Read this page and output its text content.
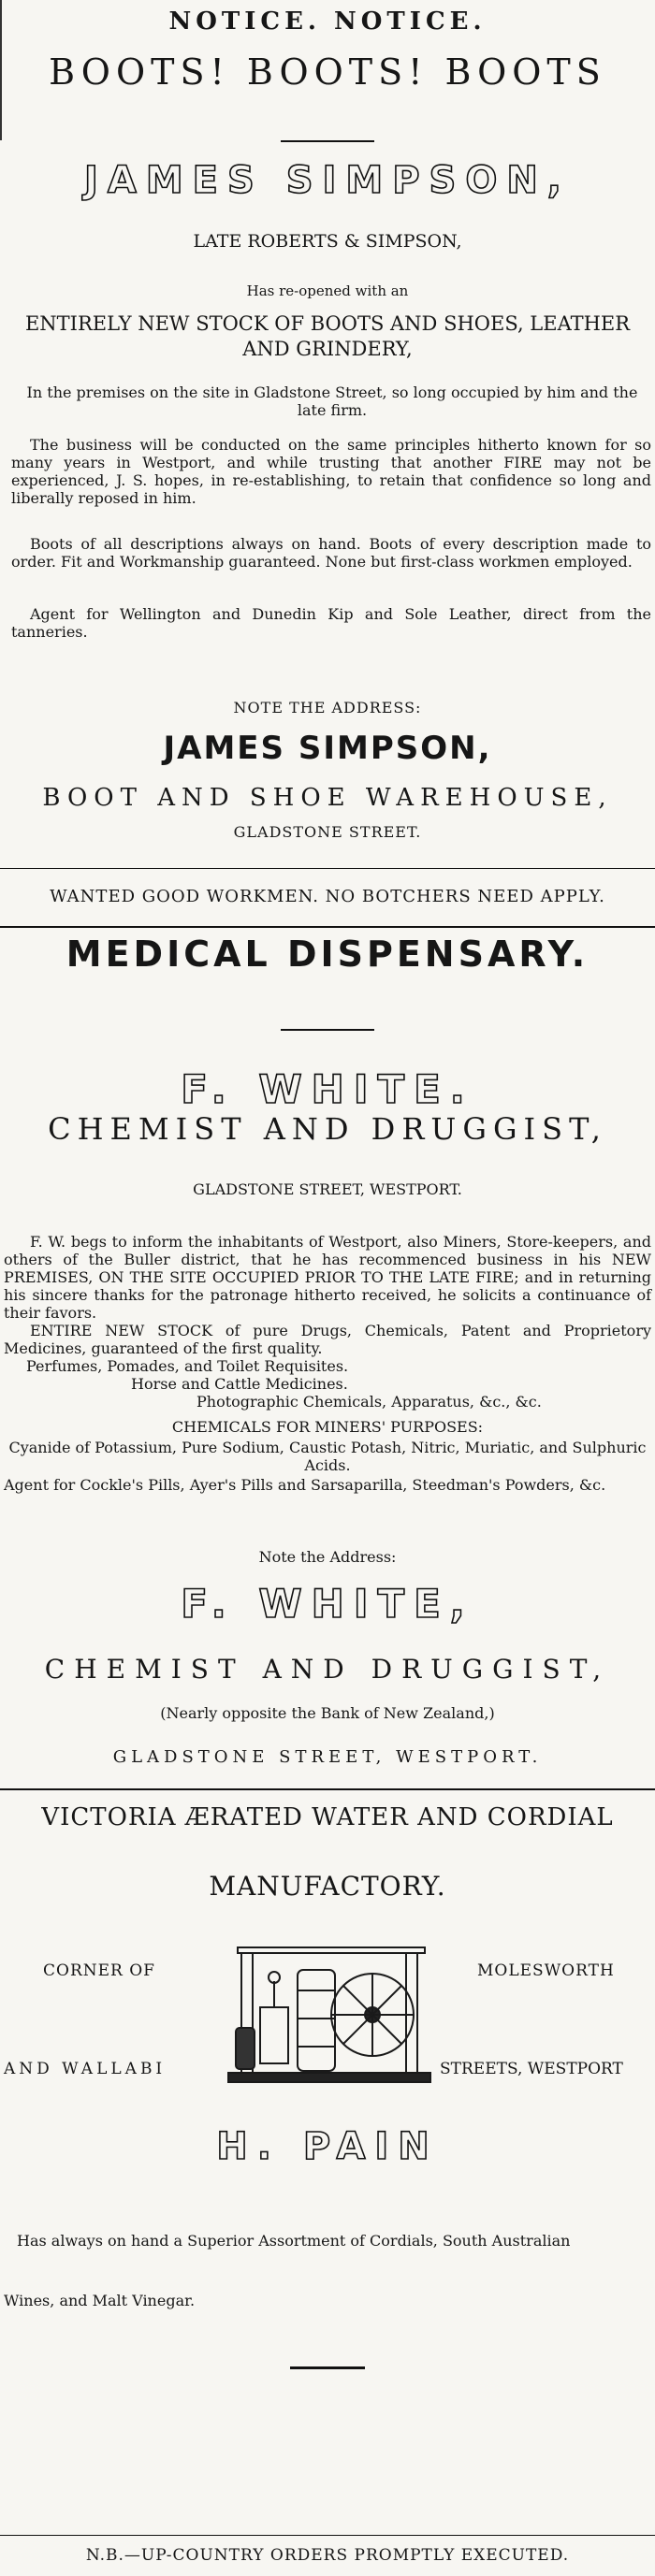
NOTICE. NOTICE.
BOOTS! BOOTS! BOOTS
JAMES SIMPSON,
LATE ROBERTS & SIMPSON,
Has re-opened with an
ENTIRELY NEW STOCK OF BOOTS AND SHOES, LEATHER AND GRINDERY,
In the premises on the site in Gladstone Street, so long occupied by him and the late firm.
The business will be conducted on the same principles hitherto known for so many years in Westport, and while trusting that another FIRE may not be experienced, J. S. hopes, in re-establishing, to retain that confidence so long and liberally reposed in him.
Boots of all descriptions always on hand. Boots of every description made to order. Fit and Workmanship guaranteed. None but first-class workmen employed.
Agent for Wellington and Dunedin Kip and Sole Leather, direct from the tanneries.
NOTE THE ADDRESS:
JAMES SIMPSON,
BOOT AND SHOE WAREHOUSE,
GLADSTONE STREET.
WANTED GOOD WORKMEN. NO BOTCHERS NEED APPLY.
MEDICAL DISPENSARY.
F. WHITE.
CHEMIST AND DRUGGIST,
GLADSTONE STREET, WESTPORT.
F. W. begs to inform the inhabitants of Westport, also Miners, Store-keepers, and others of the Buller district, that he has recommenced business in his NEW PREMISES, ON THE SITE OCCUPIED PRIOR TO THE LATE FIRE; and in returning his sincere thanks for the patronage hitherto received, he solicits a continuance of their favors.
ENTIRE NEW STOCK of pure Drugs, Chemicals, Patent and Proprietory Medicines, guaranteed of the first quality.
Perfumes, Pomades, and Toilet Requisites.
Horse and Cattle Medicines.
Photographic Chemicals, Apparatus, &c., &c.
CHEMICALS FOR MINERS' PURPOSES:
Cyanide of Potassium, Pure Sodium, Caustic Potash, Nitric, Muriatic, and Sulphuric Acids.
Agent for Cockle's Pills, Ayer's Pills and Sarsaparilla, Steedman's Powders, &c.
Note the Address:
F. WHITE,
CHEMIST AND DRUGGIST,
(Nearly opposite the Bank of New Zealand,)
GLADSTONE STREET, WESTPORT.
VICTORIA ÆRATED WATER AND CORDIAL
MANUFACTORY.
CORNER OF	MOLESWORTH
AND WALLABI	STREETS, WESTPORT
H. PAIN
Has always on hand a Superior Assortment of Cordials, South Australian
Wines, and Malt Vinegar.
N.B.—UP-COUNTRY ORDERS PROMPTLY EXECUTED.
